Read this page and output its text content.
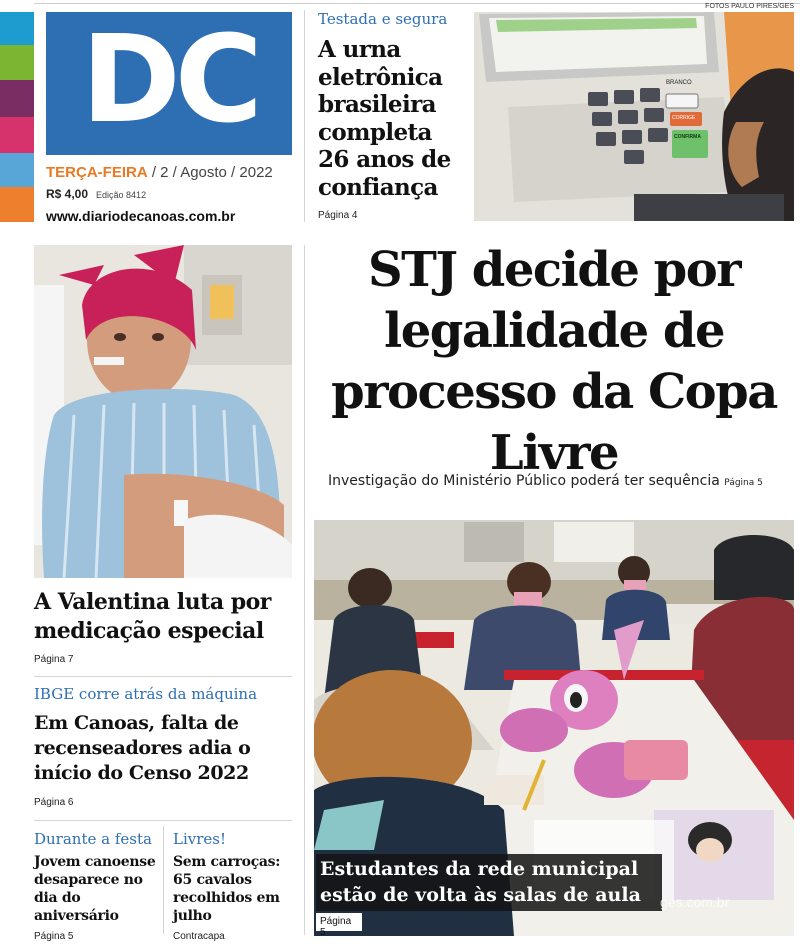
DC
TERÇA-FEIRA / 2 / Agosto / 2022
R$ 4,00 Edição 8412
www.diariodecanoas.com.br
Testada e segura
A urna eletrônica brasileira completa 26 anos de confiança
Página 4
FOTOS PAULO PIRES/GES
BRANCO
CORRIGE
CONFIRMA
A Valentina luta por medicação especial
Página 7
IBGE corre atrás da máquina
Em Canoas, falta de recenseadores adia o início do Censo 2022
Página 6
Durante a festa
Jovem canoense desaparece no dia do aniversário
Página 5
Livres!
Sem carroças: 65 cavalos recolhidos em julho
Contracapa
STJ decide por legalidade de processo da Copa Livre
Investigação do Ministério Público poderá ter sequência Página 5
Estudantes da rede municipal estão de volta às salas de aula
Página 5
ges.com.br
